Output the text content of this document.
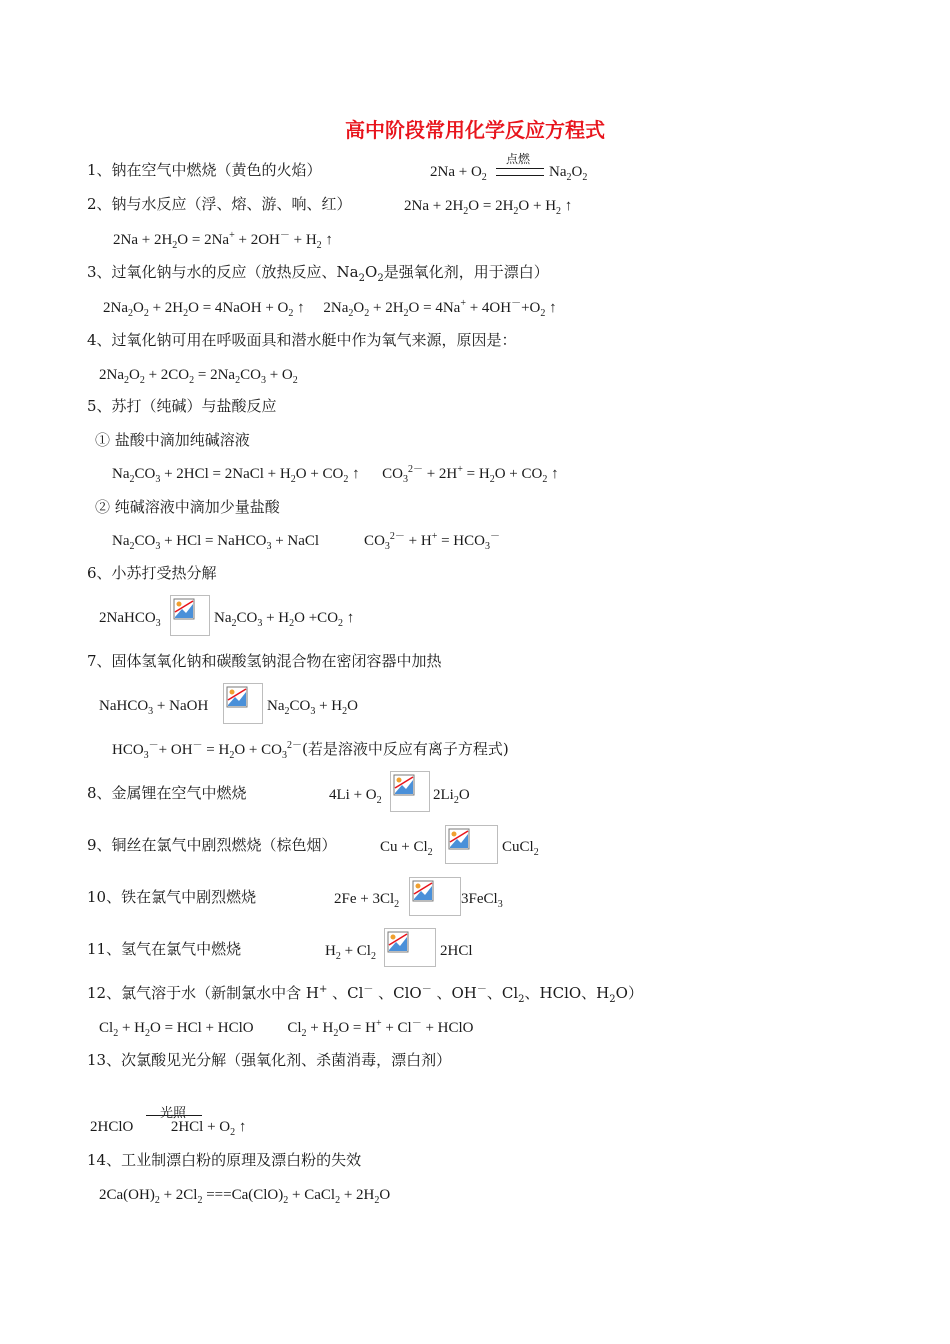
高中阶段常用化学反应方程式
1、钠在空气中燃烧（黄色的火焰）	$2Na + O_2$
点燃
$Na_2O_2$
2、钠与水反应（浮、熔、游、响、红）	$2Na + 2H_2O = 2H_2O + H_2$ ↑
$2Na + 2H_2O = 2Na^+ + 2OH^- + H_2$ ↑
3、过氧化钠与水的反应（放热反应、$Na_2O_2$是强氧化剂，用于漂白）
$2Na_2O_2 + 2H_2O$ = 4NaOH + $O_2$ ↑     $2Na_2O_2 + 2H_2O = 4Na^+ + 4OH^-+O_2$ ↑
4、过氧化钠可用在呼吸面具和潜水艇中作为氧气来源，原因是：
$2Na_2O_2 + 2CO_2 = 2Na_2CO_3 + O_2$
5、苏打（纯碱）与盐酸反应
① 盐酸中滴加纯碱溶液
$Na_2CO_3 + 2HCl$ = 2NaCl + $H_2O + CO_2$ ↑      $CO_3^{2-} + 2H^+ = H_2O + CO_2$ ↑
② 纯碱溶液中滴加少量盐酸
$Na_2CO_3$ + HCl = NaHCO$_3$ + NaCl            $CO_3^{2-} + H^+ = HCO_3^-$
6、小苏打受热分解
2NaHCO$_3$	$Na_2CO_3 + H_2O +CO_2$ ↑
7、固体氢氧化钠和碳酸氢钠混合物在密闭容器中加热
NaHCO$_3$ + NaOH	$Na_2CO_3 + H_2O$
$HCO_3^-+ OH^- = H_2O + CO_3^{2-}$(若是溶液中反应有离子方程式)
8、金属锂在空气中燃烧	$4Li + O_2$	$2Li_2O$
9、铜丝在氯气中剧烈燃烧（棕色烟）	$Cu + Cl_2$	CuCl$_2$
10、铁在氯气中剧烈燃烧	$2Fe + 3Cl_2$	3FeCl$_3$
11、氢气在氯气中燃烧	$H_2 + Cl_2$	2HCl
12、氯气溶于水（新制氯水中含 H+ 、Cl－ 、ClO－ 、OH－、$Cl_2$、HClO、$H_2O$）
$Cl_2 + H_2O$ = HCl + HClO         $Cl_2 + H_2O = H^+ + Cl^-$ + HClO
13、次氯酸见光分解（强氧化剂、杀菌消毒，漂白剂）
光照
2HClO          $2HCl + O_2$ ↑
14、工业制漂白粉的原理及漂白粉的失效
$2Ca(OH)_2 + 2Cl_2 ===Ca(ClO)_2$ + CaCl$_2$ + $2H_2O$
